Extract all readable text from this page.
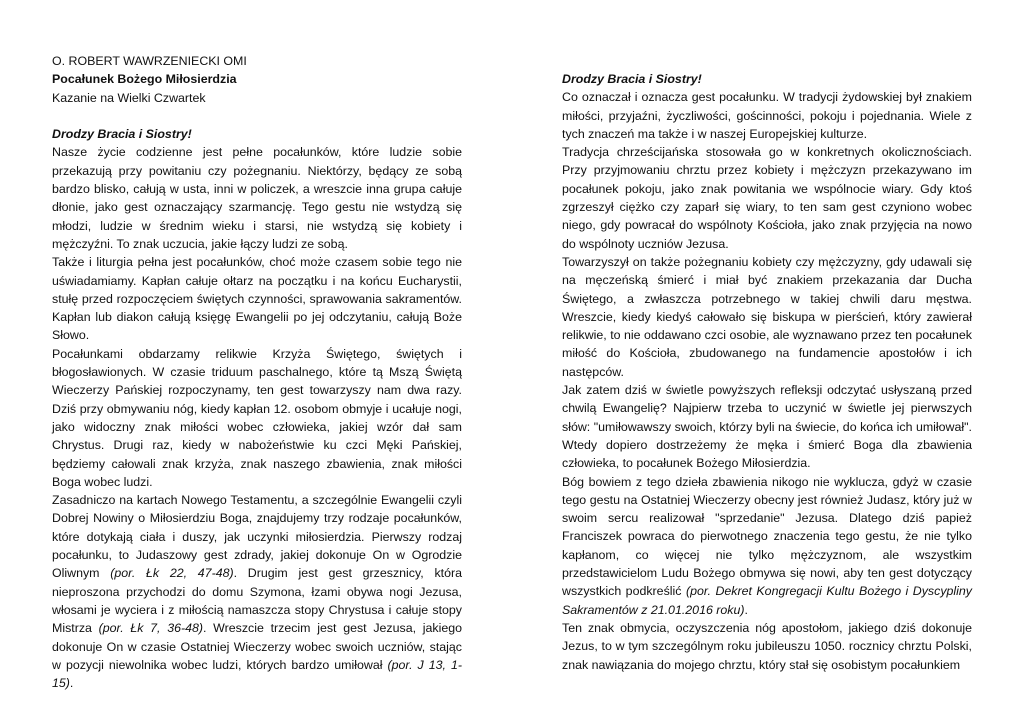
O. ROBERT WAWRZENIECKI OMI

Pocałunek Bożego Miłosierdzia

Kazanie na Wielki Czwartek

Drodzy Bracia i Siostry!

Nasze życie codzienne jest pełne pocałunków, które ludzie sobie przekazują przy powitaniu czy pożegnaniu. Niektórzy, będący ze sobą bardzo blisko, całują w usta, inni w policzek, a wreszcie inna grupa całuje dłonie, jako gest oznaczający szarmancję. Tego gestu nie wstydzą się młodzi, ludzie w średnim wieku i starsi, nie wstydzą się kobiety i mężczyźni. To znak uczucia, jakie łączy ludzi ze sobą.

Także i liturgia pełna jest pocałunków, choć może czasem sobie tego nie uświadamiamy. Kapłan całuje ołtarz na początku i na końcu Eucharystii, stułę przed rozpoczęciem świętych czynności, sprawowania sakramentów. Kapłan lub diakon całują księgę Ewangelii po jej odczytaniu, całują Boże Słowo.

Pocałunkami obdarzamy relikwie Krzyża Świętego, świętych i błogosławionych. W czasie triduum paschalnego, które tą Mszą Świętą Wieczerzy Pańskiej rozpoczynamy, ten gest towarzyszy nam dwa razy. Dziś przy obmywaniu nóg, kiedy kapłan 12. osobom obmyje i ucałuje nogi, jako widoczny znak miłości wobec człowieka, jakiej wzór dał sam Chrystus. Drugi raz, kiedy w nabożeństwie ku czci Męki Pańskiej, będziemy całowali znak krzyża, znak naszego zbawienia, znak miłości Boga wobec ludzi.

Zasadniczo na kartach Nowego Testamentu, a szczególnie Ewangelii czyli Dobrej Nowiny o Miłosierdziu Boga, znajdujemy trzy rodzaje pocałunków, które dotykają ciała i duszy, jak uczynki miłosierdzia. Pierwszy rodzaj pocałunku, to Judaszowy gest zdrady, jakiej dokonuje On w Ogrodzie Oliwnym (por. Łk 22, 47-48). Drugim jest gest grzesznicy, która nieproszona przychodzi do domu Szymona, łzami obywa nogi Jezusa, włosami je wyciera i z miłością namaszcza stopy Chrystusa i całuje stopy Mistrza (por. Łk 7, 36-48). Wreszcie trzecim jest gest Jezusa, jakiego dokonuje On w czasie Ostatniej Wieczerzy wobec swoich uczniów, stając w pozycji niewolnika wobec ludzi, których bardzo umiłował (por. J 13, 1-15).

Drodzy Bracia i Siostry!

Co oznaczał i oznacza gest pocałunku. W tradycji żydowskiej był znakiem miłości, przyjaźni, życzliwości, gościnności, pokoju i pojednania. Wiele z tych znaczeń ma także i w naszej Europejskiej kulturze.

Tradycja chrześcijańska stosowała go w konkretnych okolicznościach. Przy przyjmowaniu chrztu przez kobiety i mężczyzn przekazywano im pocałunek pokoju, jako znak powitania we wspólnocie wiary. Gdy ktoś zgrzeszył ciężko czy zaparł się wiary, to ten sam gest czyniono wobec niego, gdy powracał do wspólnoty Kościoła, jako znak przyjęcia na nowo do wspólnoty uczniów Jezusa.

Towarzyszył on także pożegnaniu kobiety czy mężczyzny, gdy udawali się na męczeńską śmierć i miał być znakiem przekazania dar Ducha Świętego, a zwłaszcza potrzebnego w takiej chwili daru męstwa. Wreszcie, kiedy kiedyś całowało się biskupa w pierścień, który zawierał relikwie, to nie oddawano czci osobie, ale wyznawano przez ten pocałunek miłość do Kościoła, zbudowanego na fundamencie apostołów i ich następców.

Jak zatem dziś w świetle powyższych refleksji odczytać usłyszaną przed chwilą Ewangelię? Najpierw trzeba to uczynić w świetle jej pierwszych słów: "umiłowawszy swoich, którzy byli na świecie, do końca ich umiłował". Wtedy dopiero dostrzeżemy że męka i śmierć Boga dla zbawienia człowieka, to pocałunek Bożego Miłosierdzia.

Bóg bowiem z tego dzieła zbawienia nikogo nie wyklucza, gdyż w czasie tego gestu na Ostatniej Wieczerzy obecny jest również Judasz, który już w swoim sercu realizował "sprzedanie" Jezusa. Dlatego dziś papież Franciszek powraca do pierwotnego znaczenia tego gestu, że nie tylko kapłanom, co więcej nie tylko mężczyznom, ale wszystkim przedstawicielom Ludu Bożego obmywa się nowi, aby ten gest dotyczący wszystkich podkreślić (por. Dekret Kongregacji Kultu Bożego i Dyscypliny Sakramentów z 21.01.2016 roku).

Ten znak obmycia, oczyszczenia nóg apostołom, jakiego dziś dokonuje Jezus, to w tym szczególnym roku jubileuszu 1050. rocznicy chrztu Polski, znak nawiązania do mojego chrztu, który stał się osobistym pocałunkiem
